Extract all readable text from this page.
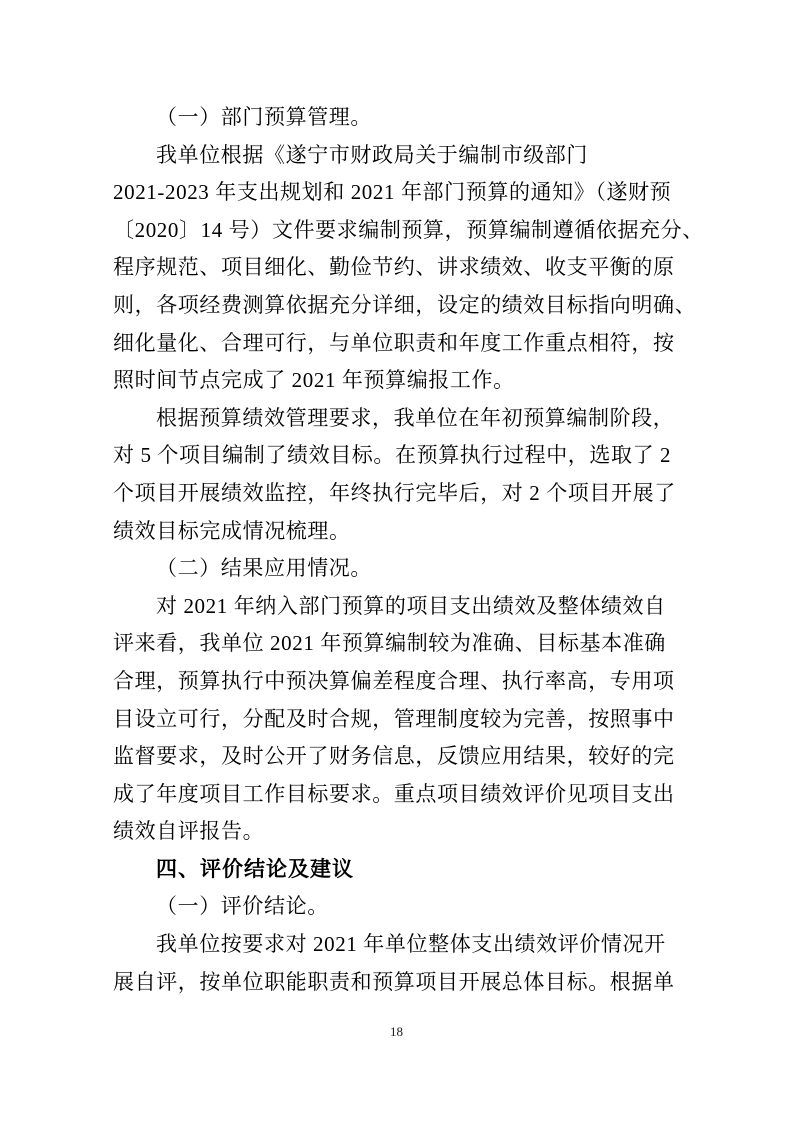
（一）部门预算管理。
我单位根据《遂宁市财政局关于编制市级部门
2021-2023 年支出规划和 2021 年部门预算的通知》（遂财预
〔2020〕14 号）文件要求编制预算，预算编制遵循依据充分、
程序规范、项目细化、勤俭节约、讲求绩效、收支平衡的原
则，各项经费测算依据充分详细，设定的绩效目标指向明确、
细化量化、合理可行，与单位职责和年度工作重点相符，按
照时间节点完成了 2021 年预算编报工作。
根据预算绩效管理要求，我单位在年初预算编制阶段，
对 5 个项目编制了绩效目标。在预算执行过程中，选取了 2
个项目开展绩效监控，年终执行完毕后，对 2 个项目开展了
绩效目标完成情况梳理。
（二）结果应用情况。
对 2021 年纳入部门预算的项目支出绩效及整体绩效自
评来看，我单位 2021 年预算编制较为准确、目标基本准确
合理，预算执行中预决算偏差程度合理、执行率高，专用项
目设立可行，分配及时合规，管理制度较为完善，按照事中
监督要求，及时公开了财务信息，反馈应用结果，较好的完
成了年度项目工作目标要求。重点项目绩效评价见项目支出
绩效自评报告。
四、评价结论及建议
（一）评价结论。
我单位按要求对 2021 年单位整体支出绩效评价情况开
展自评，按单位职能职责和预算项目开展总体目标。根据单
18
